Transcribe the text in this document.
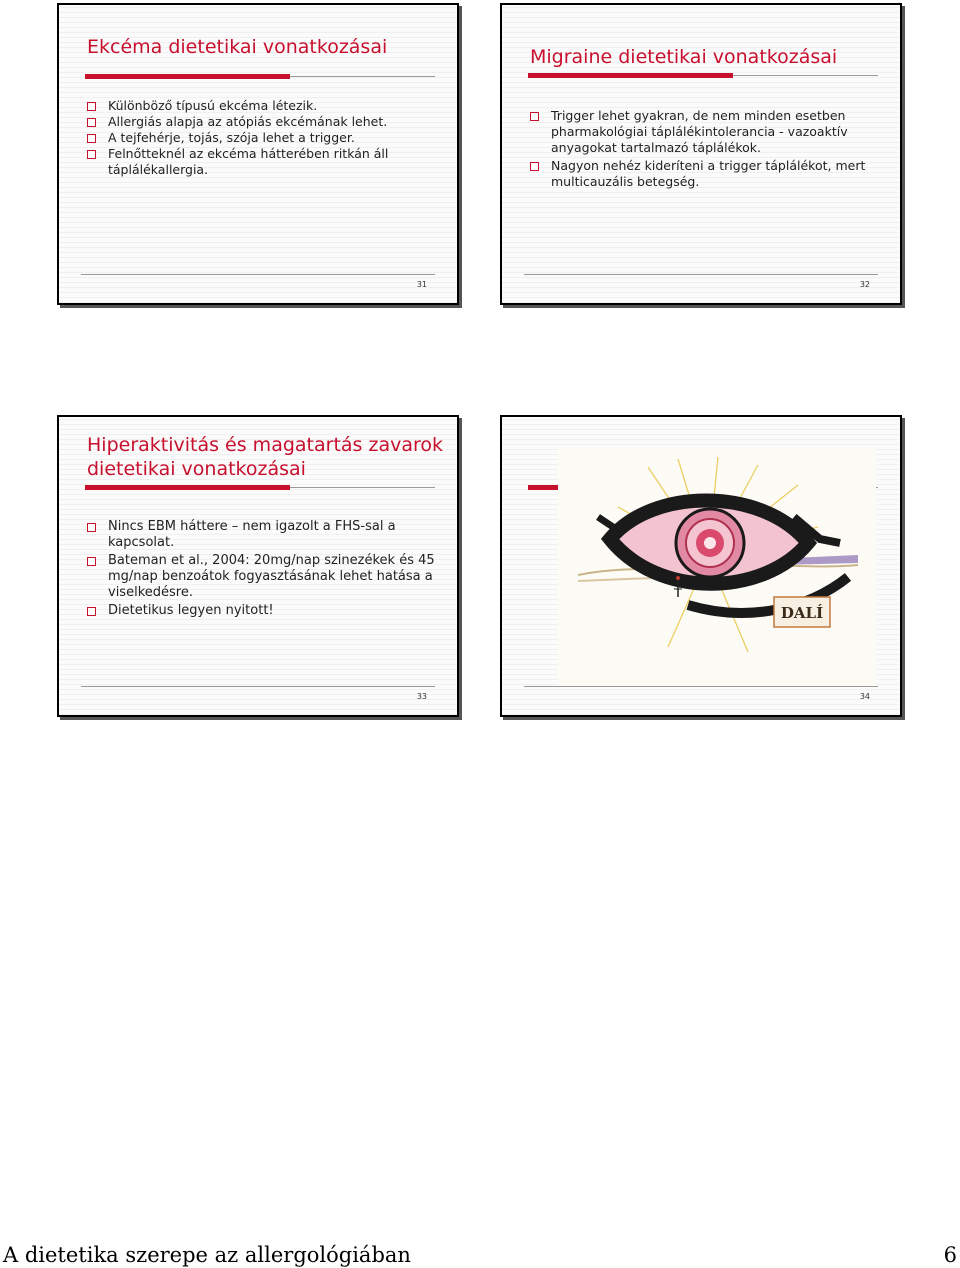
Ekcéma dietetikai vonatkozásai
Különböző típusú ekcéma létezik.
Allergiás alapja az atópiás ekcémának lehet.
A tejfehérje, tojás, szója lehet a trigger.
Felnőtteknél az ekcéma hátterében ritkán áll táplálékallergia.
31
Migraine dietetikai vonatkozásai
Trigger lehet gyakran, de nem minden esetben pharmakológiai táplálékintolerancia - vazoaktív anyagokat tartalmazó táplálékok.
Nagyon nehéz kideríteni a trigger táplálékot, mert multicauzális betegség.
32
Hiperaktivitás és magatartás zavarok dietetikai vonatkozásai
Nincs EBM háttere – nem igazolt a FHS-sal a kapcsolat.
Bateman et al., 2004: 20mg/nap szinezékek és 45 mg/nap benzoátok fogyasztásának lehet hatása a viselkedésre.
Dietetikus legyen nyitott!
33
DALÍ
34
A dietetika szerepe az allergológiában	6
